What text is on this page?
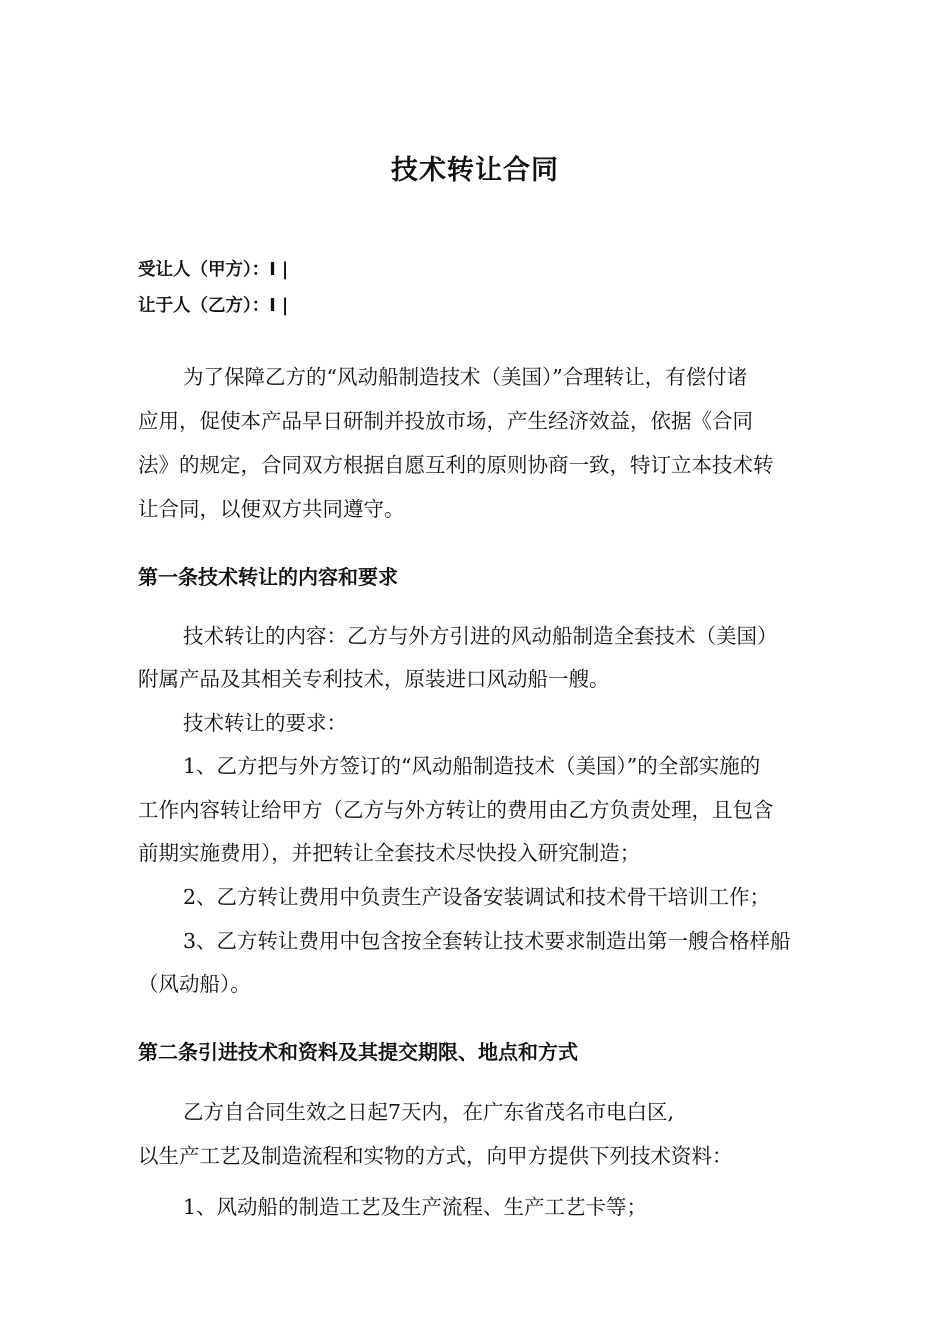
技术转让合同
受让人（甲方）：I |
让于人（乙方）：I |
为了保障乙方的“风动船制造技术（美国）”合理转让，有偿付诸
应用，促使本产品早日研制并投放市场，产生经济效益，依据《合同
法》的规定，合同双方根据自愿互利的原则协商一致，特订立本技术转
让合同，以便双方共同遵守。
第一条技术转让的内容和要求
技术转让的内容：乙方与外方引进的风动船制造全套技术（美国）
附属产品及其相关专利技术，原装进口风动船一艘。
技术转让的要求：
1、乙方把与外方签订的“风动船制造技术（美国）”的全部实施的
工作内容转让给甲方（乙方与外方转让的费用由乙方负责处理，且包含
前期实施费用），并把转让全套技术尽快投入研究制造；
2、乙方转让费用中负责生产设备安装调试和技术骨干培训工作；
3、乙方转让费用中包含按全套转让技术要求制造出第一艘合格样船
（风动船）。
第二条引进技术和资料及其提交期限、地点和方式
乙方自合同生效之日起7天内，在广东省茂名市电白区,
以生产工艺及制造流程和实物的方式，向甲方提供下列技术资料：
1、风动船的制造工艺及生产流程、生产工艺卡等；
